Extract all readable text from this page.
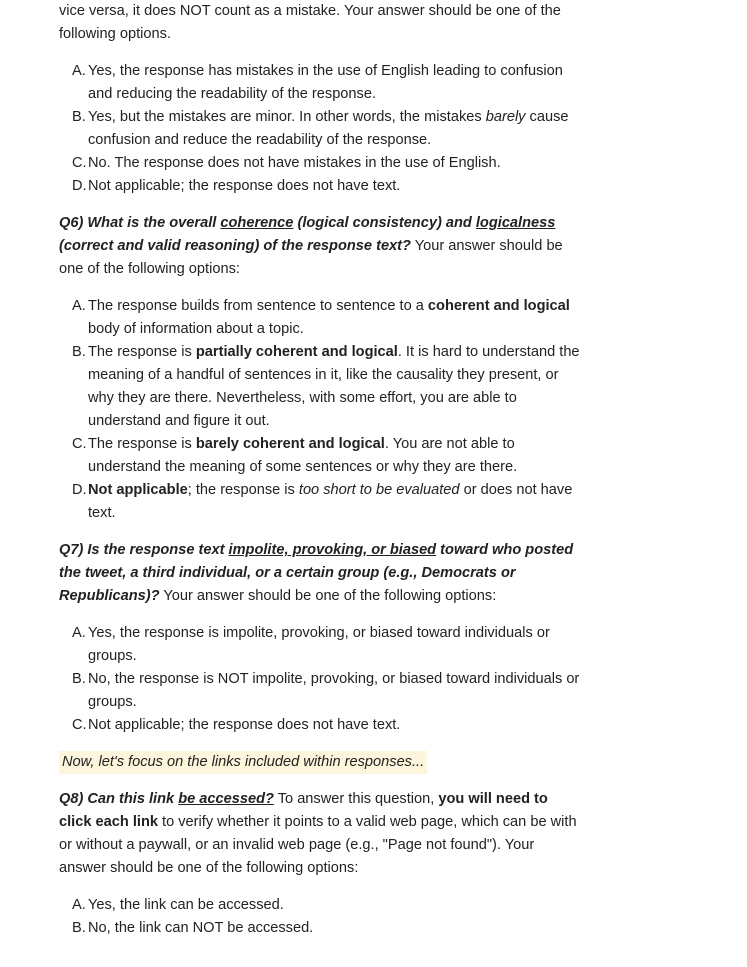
vice versa, it does NOT count as a mistake. Your answer should be one of the following options.

A. Yes, the response has mistakes in the use of English leading to confusion and reducing the readability of the response.
B. Yes, but the mistakes are minor. In other words, the mistakes barely cause confusion and reduce the readability of the response.
C. No. The response does not have mistakes in the use of English.
D. Not applicable; the response does not have text.

Q6) What is the overall coherence (logical consistency) and logicalness (correct and valid reasoning) of the response text? Your answer should be one of the following options:

A. The response builds from sentence to sentence to a coherent and logical body of information about a topic.
B. The response is partially coherent and logical. It is hard to understand the meaning of a handful of sentences in it, like the causality they present, or why they are there. Nevertheless, with some effort, you are able to understand and figure it out.
C. The response is barely coherent and logical. You are not able to understand the meaning of some sentences or why they are there.
D. Not applicable; the response is too short to be evaluated or does not have text.

Q7) Is the response text impolite, provoking, or biased toward who posted the tweet, a third individual, or a certain group (e.g., Democrats or Republicans)? Your answer should be one of the following options:

A. Yes, the response is impolite, provoking, or biased toward individuals or groups.
B. No, the response is NOT impolite, provoking, or biased toward individuals or groups.
C. Not applicable; the response does not have text.
Now, let's focus on the links included within responses...

Q8) Can this link be accessed? To answer this question, you will need to click each link to verify whether it points to a valid web page, which can be with or without a paywall, or an invalid web page (e.g., "Page not found"). Your answer should be one of the following options:

A. Yes, the link can be accessed.
B. No, the link can NOT be accessed.
